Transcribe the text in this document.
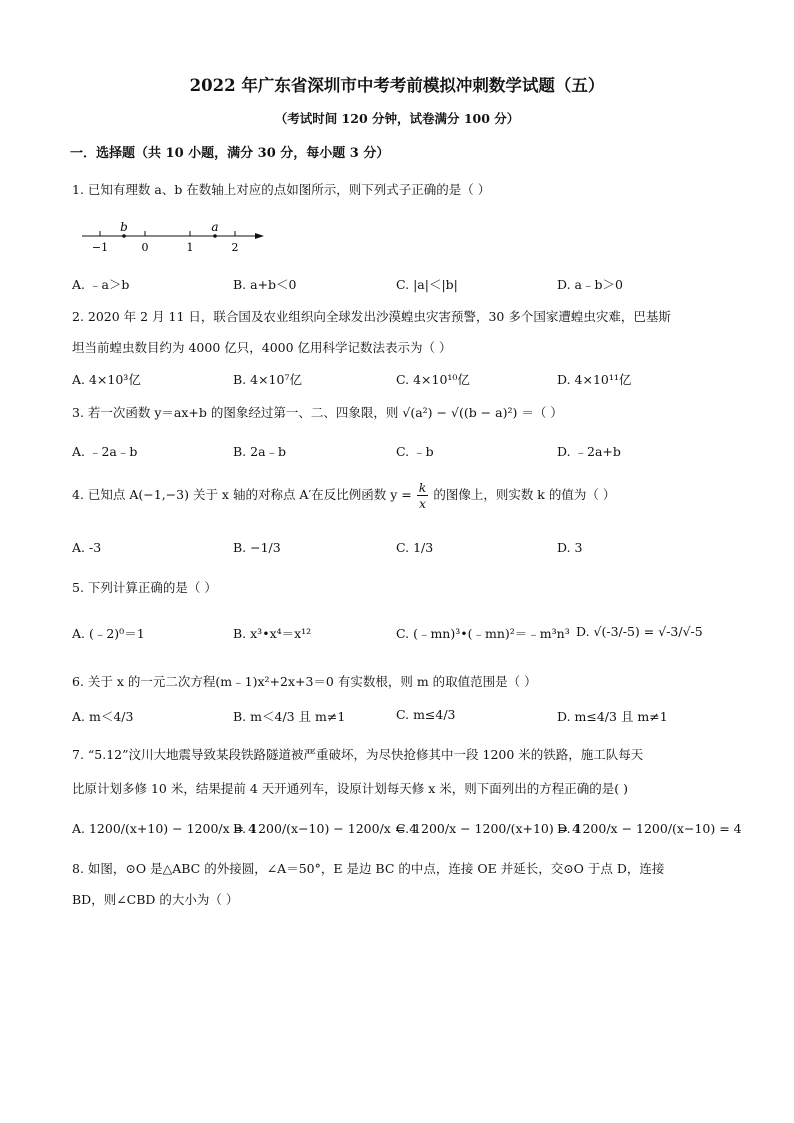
2022 年广东省深圳市中考考前模拟冲刺数学试题（五）
（考试时间 120 分钟，试卷满分 100 分）
一．选择题（共 10 小题，满分 30 分，每小题 3 分）
1. 已知有理数 a、b 在数轴上对应的点如图所示，则下列式子正确的是（ ）
b	a
−1	0	1	2
A. ﹣a＞b	B. a+b＜0	C. |a|＜|b|	D. a﹣b＞0
2. 2020 年 2 月 11 日，联合国及农业组织向全球发出沙漠蝗虫灾害预警，30 多个国家遭蝗虫灾难，巴基斯
坦当前蝗虫数目约为 4000 亿只，4000 亿用科学记数法表示为（ ）
A. 4×10³亿	B. 4×10⁷亿	C. 4×10¹⁰亿	D. 4×10¹¹亿
3. 若一次函数 y＝ax+b 的图象经过第一、二、四象限，则 √(a²) − √((b − a)²) ＝（ ）
A. ﹣2a﹣b	B. 2a﹣b	C. ﹣b	D. ﹣2a+b
4. 已知点 A(−1,−3) 关于 x 轴的对称点 A′在反比例函数 $y = \frac{k}{x}$ 的图像上，则实数 k 的值为（ ）
A. -3	B. −1/3	C. 1/3	D. 3
5. 下列计算正确的是（ ）
A. (﹣2)⁰＝1	B. x³•x⁴＝x¹²	C. (﹣mn)³•(﹣mn)²＝﹣m³n³ D. √(-3/-5) = √-3/√-5
6. 关于 x 的一元二次方程(m﹣1)x²+2x+3＝0 有实数根，则 m 的取值范围是（ ）
A. m＜4/3	B. m＜4/3 且 m≠1	C. m≤4/3	D. m≤4/3 且 m≠1
7. “5.12”汶川大地震导致某段铁路隧道被严重破坏，为尽快抢修其中一段 1200 米的铁路，施工队每天
比原计划多修 10 米，结果提前 4 天开通列车，设原计划每天修 x 米，则下面列出的方程正确的是( )
A. 1200/(x+10) − 1200/x = 4
B. 1200/(x−10) − 1200/x = 4
C. 1200/x − 1200/(x+10) = 4
D. 1200/x − 1200/(x−10) = 4
8. 如图，⊙O 是△ABC 的外接圆，∠A＝50°，E 是边 BC 的中点，连接 OE 并延长，交⊙O 于点 D，连接
BD，则∠CBD 的大小为（ ）
